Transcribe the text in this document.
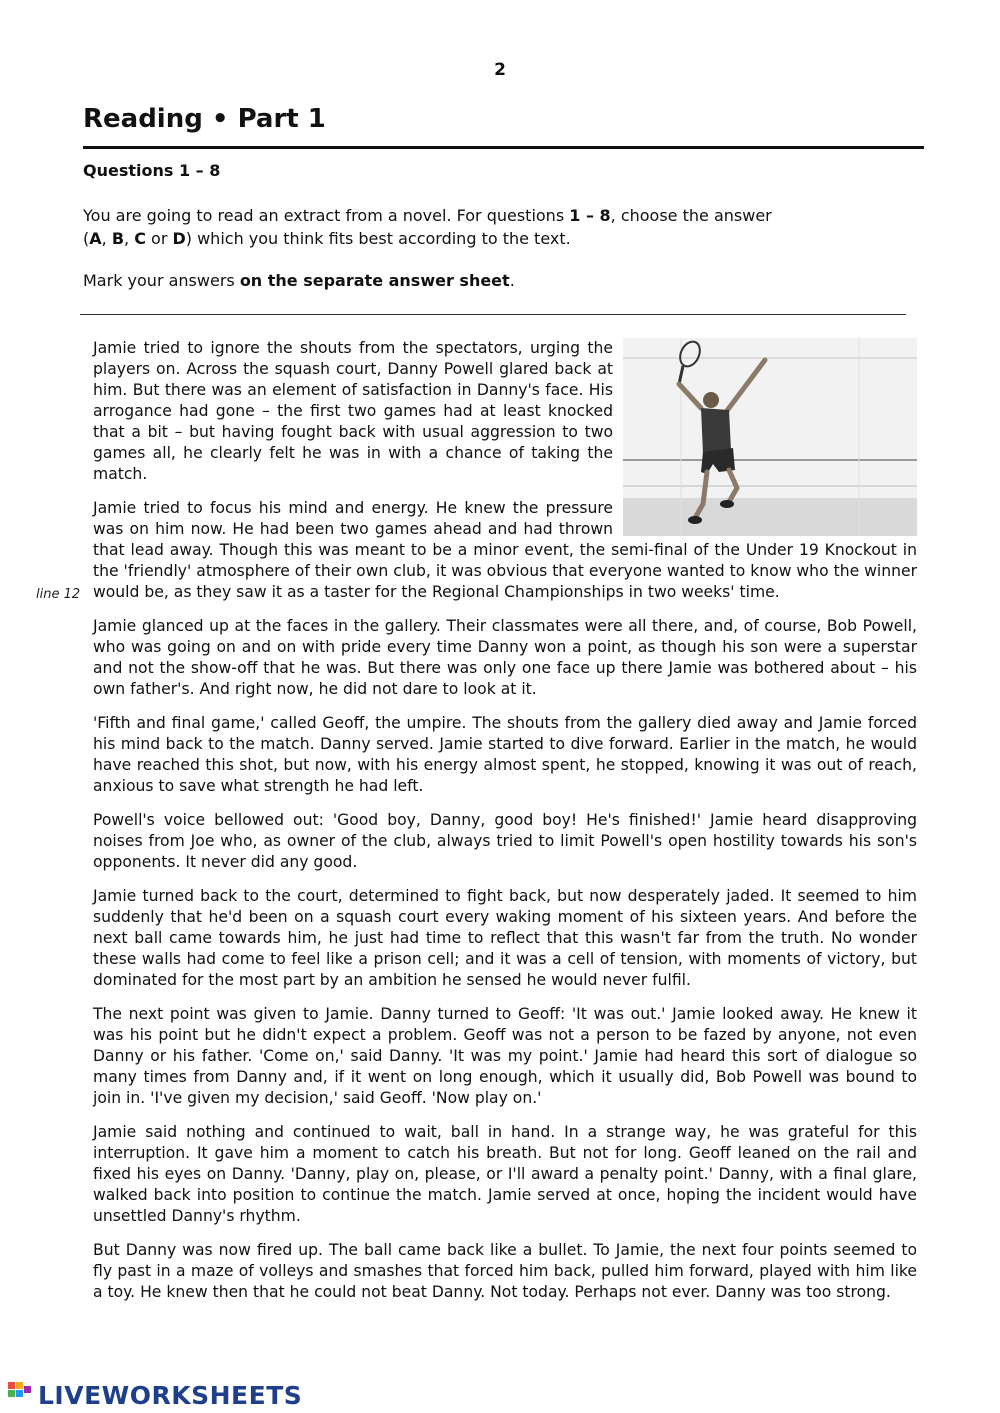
2
Reading • Part 1
Questions 1 – 8

You are going to read an extract from a novel. For questions 1 – 8, choose the answer

(A, B, C or D) which you think fits best according to the text.

Mark your answers on the separate answer sheet.
line 12

Jamie tried to ignore the shouts from the spectators, urging the players on. Across the squash court, Danny Powell glared back at him. But there was an element of satisfaction in Danny's face. His arrogance had gone – the first two games had at least knocked that a bit – but having fought back with usual aggression to two games all, he clearly felt he was in with a chance of taking the match.

Jamie tried to focus his mind and energy. He knew the pressure was on him now. He had been two games ahead and had thrown that lead away. Though this was meant to be a minor event, the semi-final of the Under 19 Knockout in the 'friendly' atmosphere of their own club, it was obvious that everyone wanted to know who the winner would be, as they saw it as a taster for the Regional Championships in two weeks' time.

Jamie glanced up at the faces in the gallery. Their classmates were all there, and, of course, Bob Powell, who was going on and on with pride every time Danny won a point, as though his son were a superstar and not the show-off that he was. But there was only one face up there Jamie was bothered about – his own father's. And right now, he did not dare to look at it.

'Fifth and final game,' called Geoff, the umpire. The shouts from the gallery died away and Jamie forced his mind back to the match. Danny served. Jamie started to dive forward. Earlier in the match, he would have reached this shot, but now, with his energy almost spent, he stopped, knowing it was out of reach, anxious to save what strength he had left.

Powell's voice bellowed out: 'Good boy, Danny, good boy! He's finished!' Jamie heard disapproving noises from Joe who, as owner of the club, always tried to limit Powell's open hostility towards his son's opponents. It never did any good.

Jamie turned back to the court, determined to fight back, but now desperately jaded. It seemed to him suddenly that he'd been on a squash court every waking moment of his sixteen years. And before the next ball came towards him, he just had time to reflect that this wasn't far from the truth. No wonder these walls had come to feel like a prison cell; and it was a cell of tension, with moments of victory, but dominated for the most part by an ambition he sensed he would never fulfil.

The next point was given to Jamie. Danny turned to Geoff: 'It was out.' Jamie looked away. He knew it was his point but he didn't expect a problem. Geoff was not a person to be fazed by anyone, not even Danny or his father. 'Come on,' said Danny. 'It was my point.' Jamie had heard this sort of dialogue so many times from Danny and, if it went on long enough, which it usually did, Bob Powell was bound to join in. 'I've given my decision,' said Geoff. 'Now play on.'

Jamie said nothing and continued to wait, ball in hand. In a strange way, he was grateful for this interruption. It gave him a moment to catch his breath. But not for long. Geoff leaned on the rail and fixed his eyes on Danny. 'Danny, play on, please, or I'll award a penalty point.' Danny, with a final glare, walked back into position to continue the match. Jamie served at once, hoping the incident would have unsettled Danny's rhythm.

But Danny was now fired up. The ball came back like a bullet. To Jamie, the next four points seemed to fly past in a maze of volleys and smashes that forced him back, pulled him forward, played with him like a toy. He knew then that he could not beat Danny. Not today. Perhaps not ever. Danny was too strong.

LIVEWORKSHEETS
